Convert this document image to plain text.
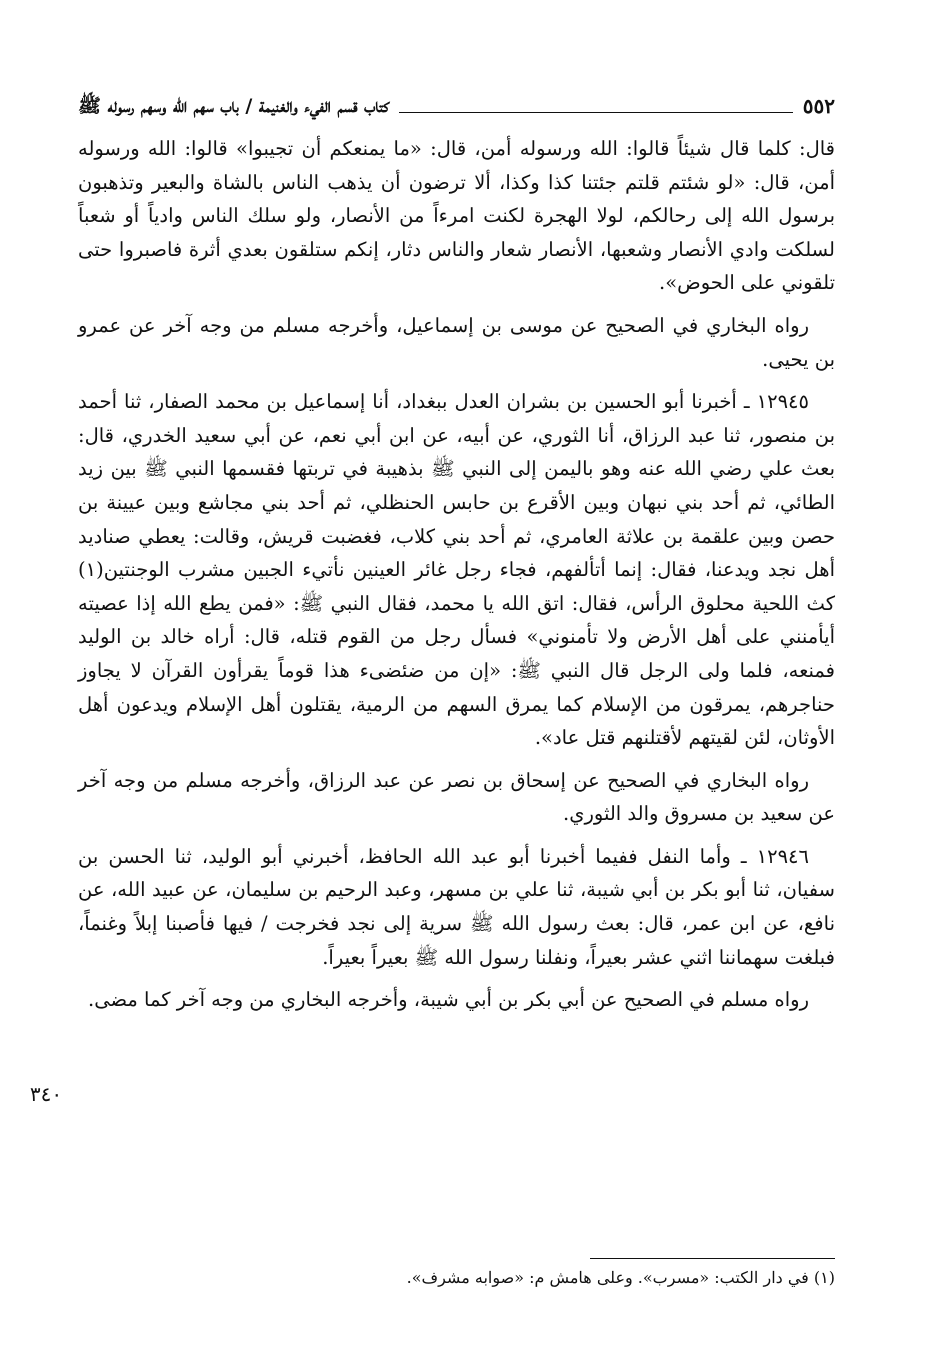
٥٥٢
كتاب قسم الفيء والغنيمة / باب سهم الله وسهم رسوله ﷺ

قال: كلما قال شيئاً قالوا: الله ورسوله أمن، قال: «ما يمنعكم أن تجيبوا» قالوا: الله ورسوله أمن، قال: «لو شئتم قلتم جئتنا كذا وكذا، ألا ترضون أن يذهب الناس بالشاة والبعير وتذهبون برسول الله إلى رحالكم، لولا الهجرة لكنت امرءاً من الأنصار، ولو سلك الناس وادياً أو شعباً لسلكت وادي الأنصار وشعبها، الأنصار شعار والناس دثار، إنكم ستلقون بعدي أثرة فاصبروا حتى تلقوني على الحوض».

رواه البخاري في الصحيح عن موسى بن إسماعيل، وأخرجه مسلم من وجه آخر عن عمرو بن يحيى.

١٢٩٤٥ ـ أخبرنا أبو الحسين بن بشران العدل ببغداد، أنا إسماعيل بن محمد الصفار، ثنا أحمد بن منصور، ثنا عبد الرزاق، أنا الثوري، عن أبيه، عن ابن أبي نعم، عن أبي سعيد الخدري، قال: بعث علي رضي الله عنه وهو باليمن إلى النبي ﷺ بذهيبة في تربتها فقسمها النبي ﷺ بين زيد الطائي، ثم أحد بني نبهان وبين الأقرع بن حابس الحنظلي، ثم أحد بني مجاشع وبين عيينة بن حصن وبين علقمة بن علاثة العامري، ثم أحد بني كلاب، فغضبت قريش، وقالت: يعطي صناديد أهل نجد ويدعنا، فقال: إنما أتألفهم، فجاء رجل غائر العينين نأتيء الجبين مشرب الوجنتين(١) كث اللحية محلوق الرأس، فقال: اتق الله يا محمد، فقال النبي ﷺ: «فمن يطع الله إذا عصيته أيأمنني على أهل الأرض ولا تأمنوني» فسأل رجل من القوم قتله، قال: أراه خالد بن الوليد فمنعه، فلما ولى الرجل قال النبي ﷺ: «إن من ضئضىء هذا قوماً يقرأون القرآن لا يجاوز حناجرهم، يمرقون من الإسلام كما يمرق السهم من الرمية، يقتلون أهل الإسلام ويدعون أهل الأوثان، لئن لقيتهم لأقتلنهم قتل عاد».

رواه البخاري في الصحيح عن إسحاق بن نصر عن عبد الرزاق، وأخرجه مسلم من وجه آخر عن سعيد بن مسروق والد الثوري.

١٢٩٤٦ ـ وأما النفل ففيما أخبرنا أبو عبد الله الحافظ، أخبرني أبو الوليد، ثنا الحسن بن سفيان، ثنا أبو بكر بن أبي شيبة، ثنا علي بن مسهر، وعبد الرحيم بن سليمان، عن عبيد الله، عن نافع، عن ابن عمر، قال: بعث رسول الله ﷺ سرية إلى نجد فخرجت / فيها فأصبنا إبلاً وغنماً، فبلغت سهماننا اثني عشر بعيراً، ونفلنا رسول الله ﷺ بعيراً بعيراً.

رواه مسلم في الصحيح عن أبي بكر بن أبي شيبة، وأخرجه البخاري من وجه آخر كما مضى.

٣٤٠
(١) في دار الكتب: «مسرب». وعلى هامش م: «صوابه مشرف».
